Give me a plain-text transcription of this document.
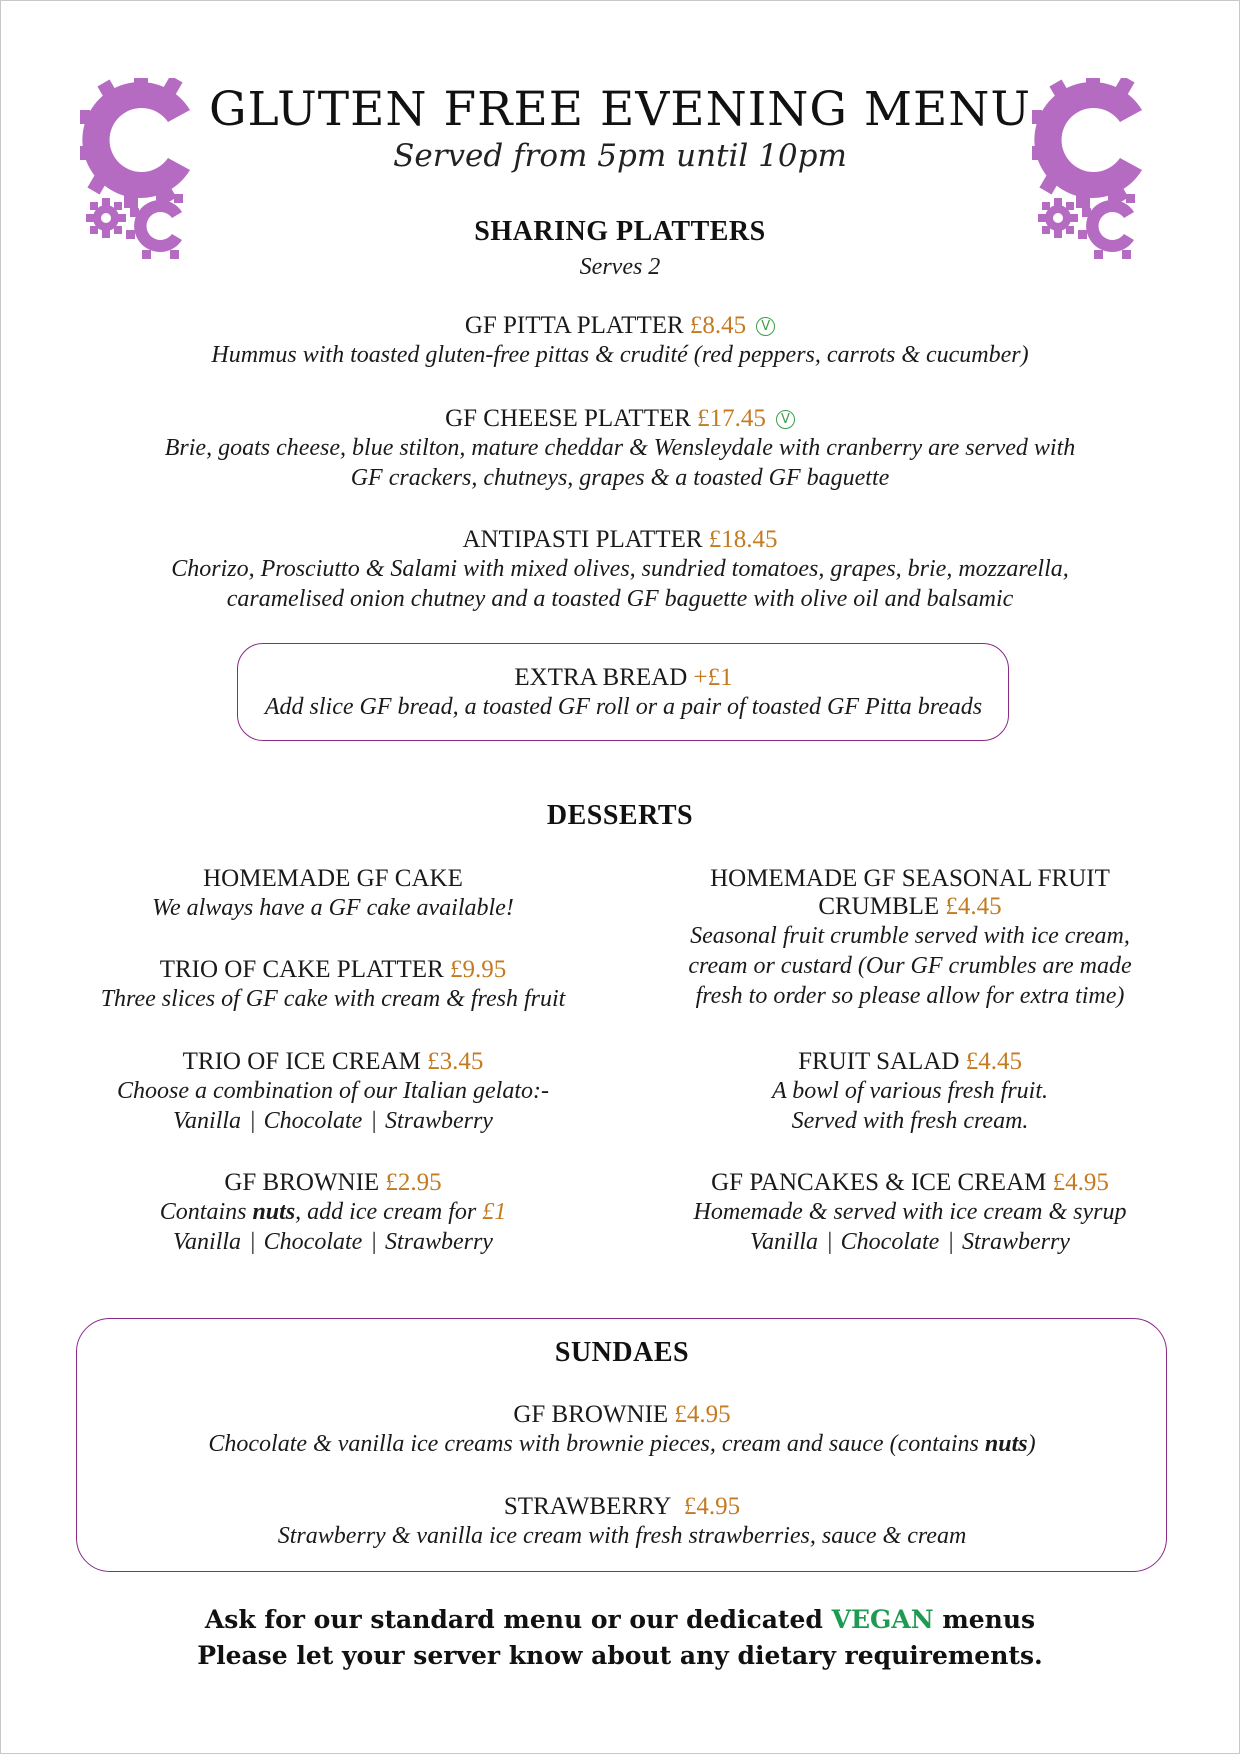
GLUTEN FREE EVENING MENU
Served from 5pm until 10pm
SHARING PLATTERS
Serves 2
GF PITTA PLATTER £8.45 V
Hummus with toasted gluten-free pittas & crudité (red peppers, carrots & cucumber)
GF CHEESE PLATTER £17.45 V
Brie, goats cheese, blue stilton, mature cheddar & Wensleydale with cranberry are served with
GF crackers, chutneys, grapes & a toasted GF baguette
ANTIPASTI PLATTER £18.45
Chorizo, Prosciutto & Salami with mixed olives, sundried tomatoes, grapes, brie, mozzarella,
caramelised onion chutney and a toasted GF baguette with olive oil and balsamic
EXTRA BREAD +£1
Add slice GF bread, a toasted GF roll or a pair of toasted GF Pitta breads
DESSERTS
HOMEMADE GF CAKE
We always have a GF cake available!
TRIO OF CAKE PLATTER £9.95
Three slices of GF cake with cream & fresh fruit
TRIO OF ICE CREAM £3.45
Choose a combination of our Italian gelato:-
Vanilla | Chocolate | Strawberry
GF BROWNIE £2.95
Contains nuts, add ice cream for £1
Vanilla | Chocolate | Strawberry
HOMEMADE GF SEASONAL FRUIT
CRUMBLE £4.45
Seasonal fruit crumble served with ice cream,
cream or custard (Our GF crumbles are made
fresh to order so please allow for extra time)
FRUIT SALAD £4.45
A bowl of various fresh fruit.
Served with fresh cream.
GF PANCAKES & ICE CREAM £4.95
Homemade & served with ice cream & syrup
Vanilla | Chocolate | Strawberry
SUNDAES
GF BROWNIE £4.95
Chocolate & vanilla ice creams with brownie pieces, cream and sauce (contains nuts)
STRAWBERRY £4.95
Strawberry & vanilla ice cream with fresh strawberries, sauce & cream
Ask for our standard menu or our dedicated VEGAN menus
Please let your server know about any dietary requirements.
